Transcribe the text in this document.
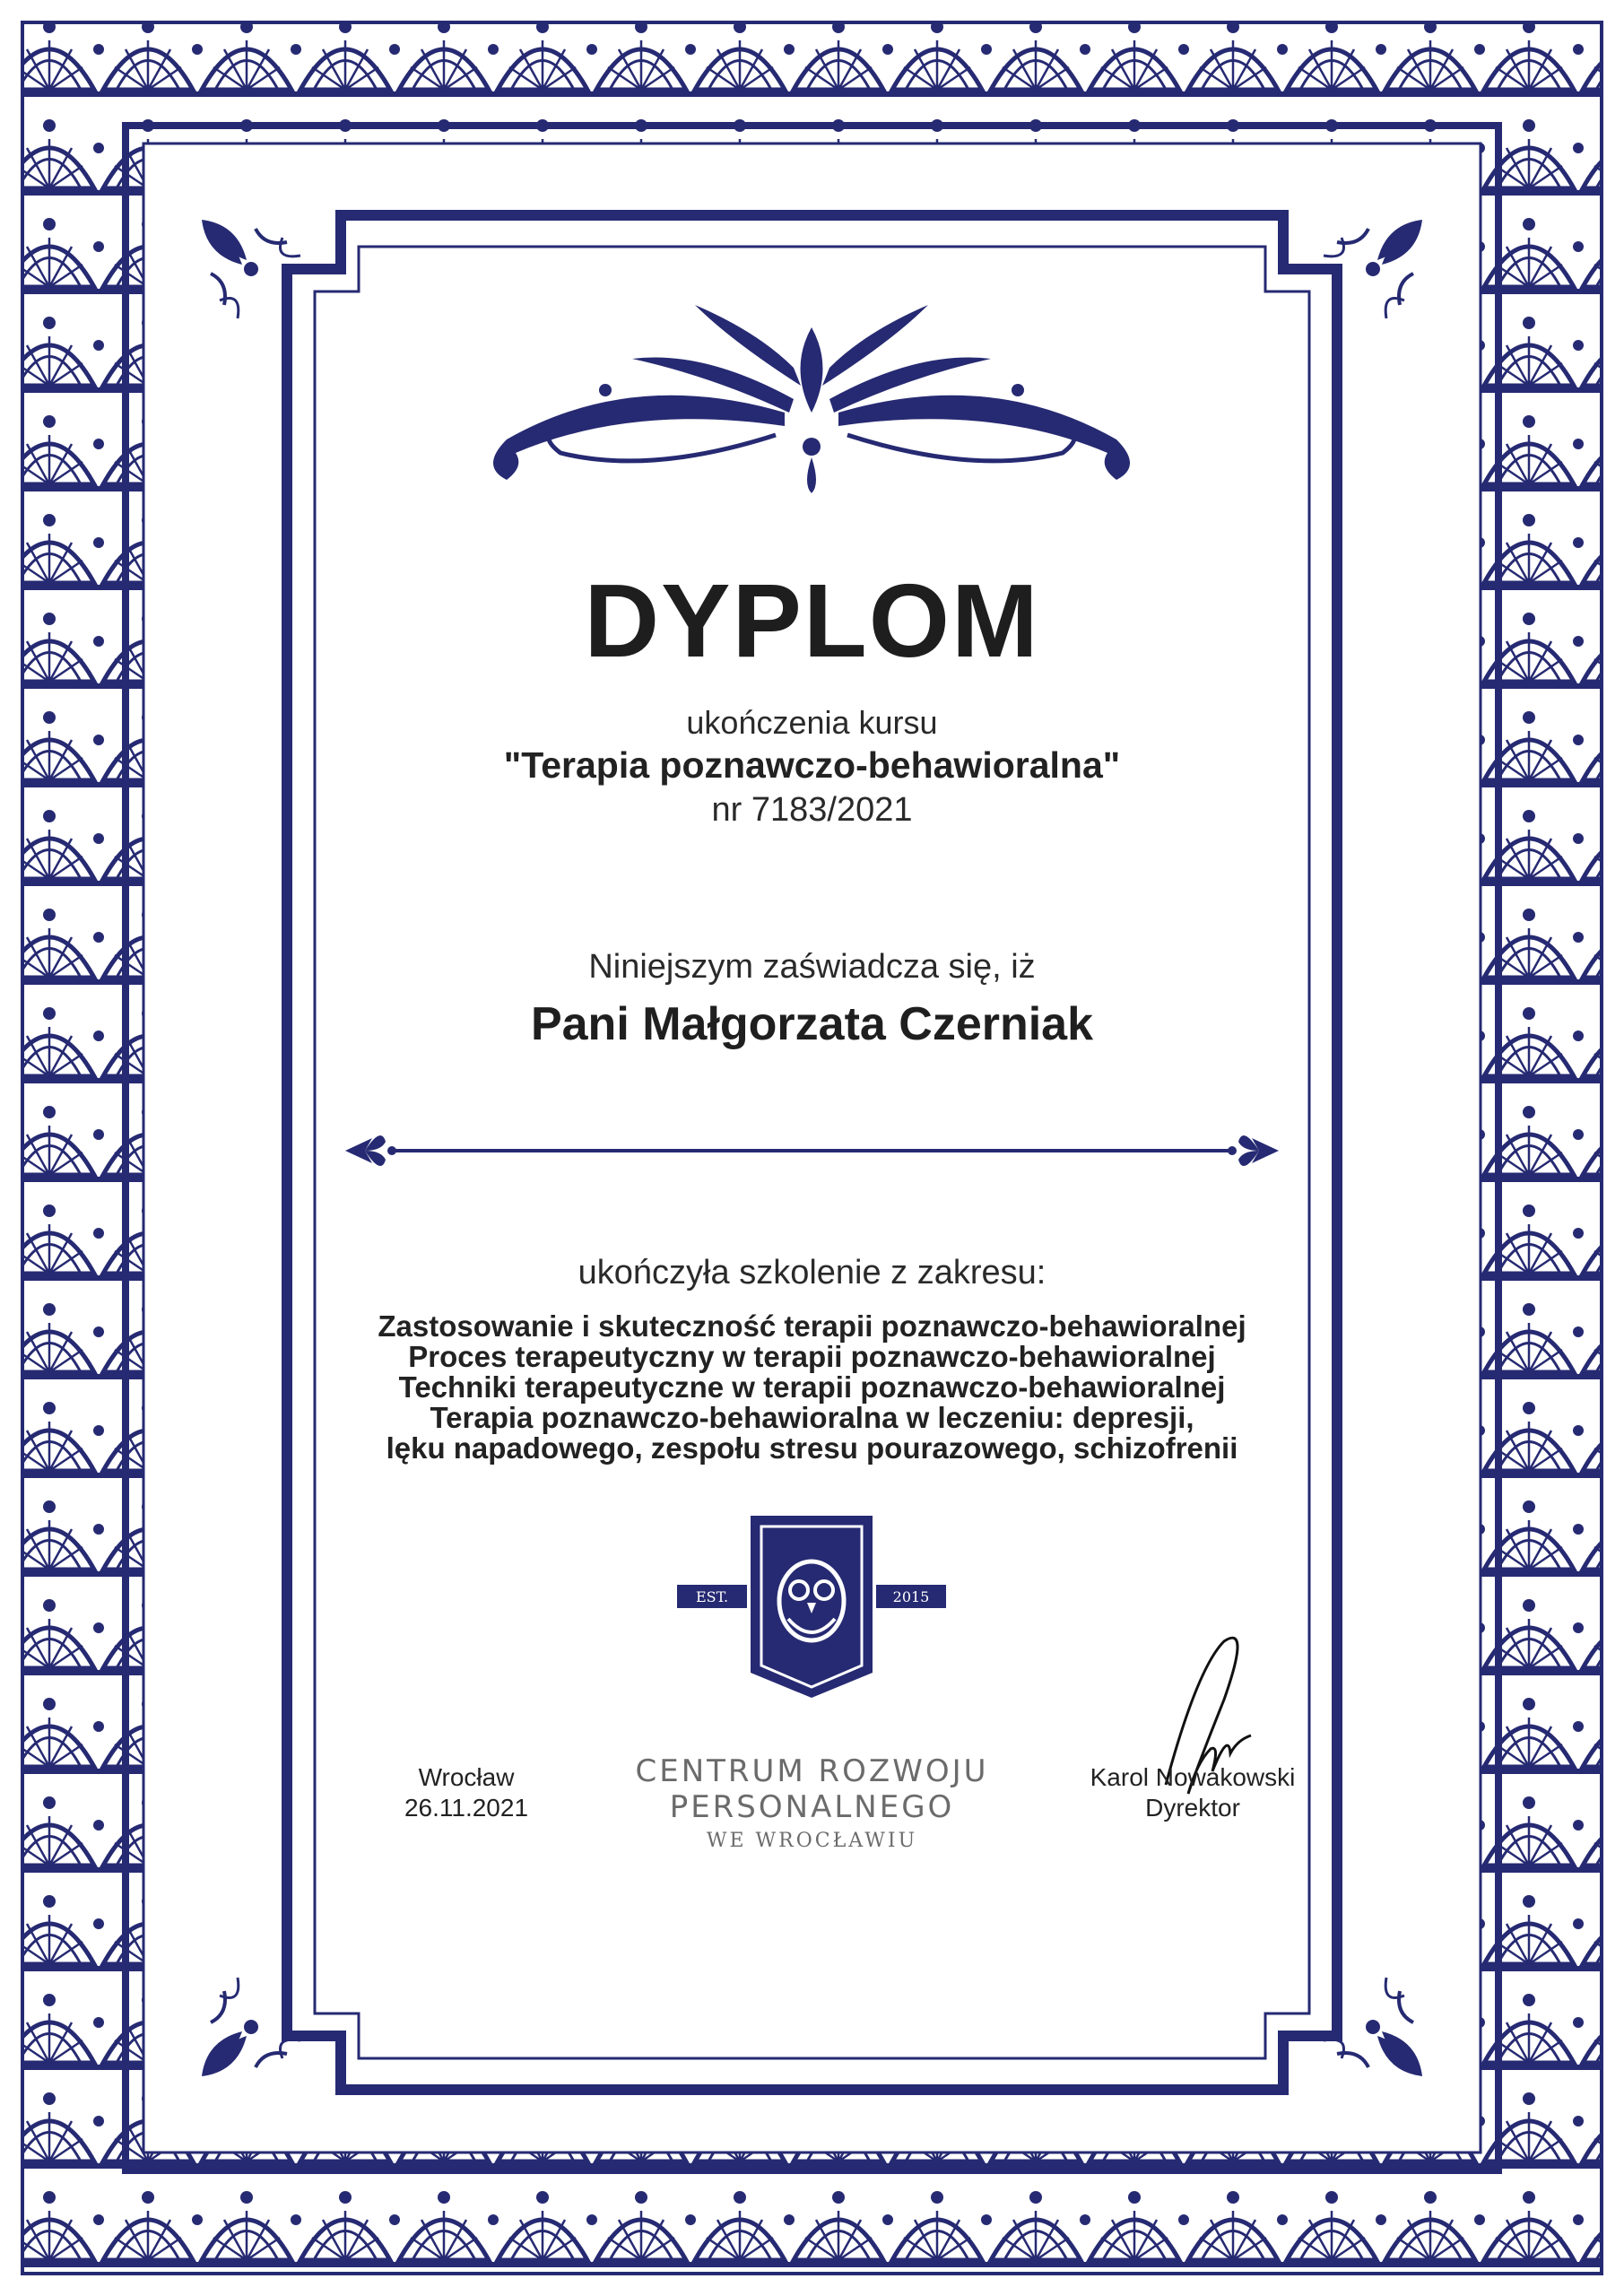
EST.	2015
DYPLOM
ukończenia kursu
"Terapia poznawczo-behawioralna"
nr 7183/2021
Niniejszym zaświadcza się, iż
Pani Małgorzata Czerniak
ukończyła szkolenie z zakresu:
Zastosowanie i skuteczność terapii poznawczo-behawioralnej
Proces terapeutyczny w terapii poznawczo-behawioralnej
Techniki terapeutyczne w terapii poznawczo-behawioralnej
Terapia poznawczo-behawioralna w leczeniu: depresji,
lęku napadowego, zespołu stresu pourazowego, schizofrenii
Wrocław
26.11.2021
CENTRUM ROZWOJU
PERSONALNEGO
WE WROCŁAWIU
Karol Nowakowski
Dyrektor
